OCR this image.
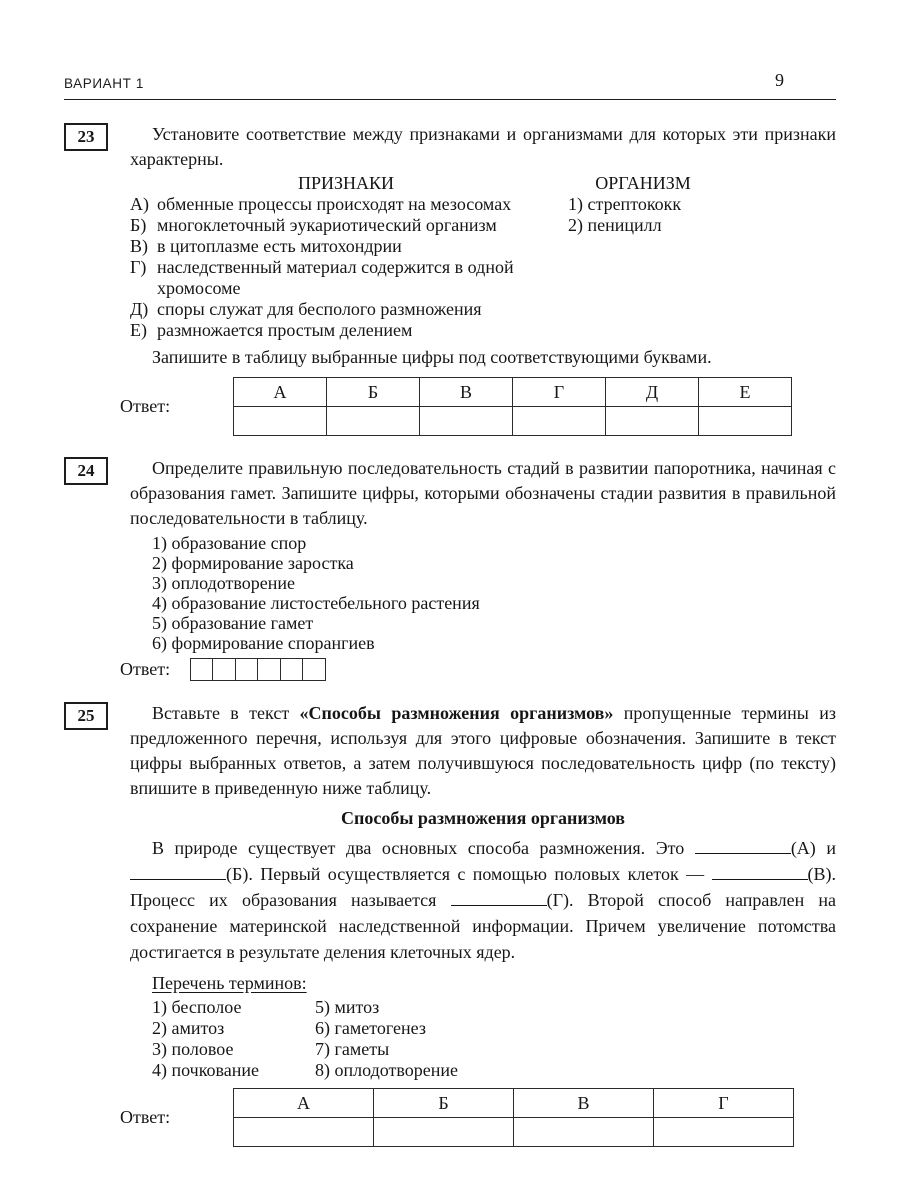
ВАРИАНТ 1	9
23	Установите соответствие между признаками и организмами для которых эти признаки характерны.

ПРИЗНАКИ	ОРГАНИЗМ
А) обменные процессы происходят на мезосомах
Б) многоклеточный эукариотический организм
В) в цитоплазме есть митохондрии
Г) наследственный материал содержится в одной хромосоме
Д) споры служат для бесполого размножения
Е) размножается простым делением
1) стрептококк
2) пеницилл

Запишите в таблицу выбранные цифры под соответствующими буквами.

Ответ:
А	Б	В	Г	Д	Е

24	Определите правильную последовательность стадий в развитии папоротника, начиная с образования гамет. Запишите цифры, которыми обозначены стадии развития в правильной последовательности в таблицу.

1) образование спор
2) формирование заростка
3) оплодотворение
4) образование листостебельного растения
5) образование гамет
6) формирование спорангиев
Ответ:
25	Вставьте в текст «Способы размножения организмов» пропущенные термины из предложенного перечня, используя для этого цифровые обозначения. Запишите в текст цифры выбранных ответов, а затем получившуюся последовательность цифр (по тексту) впишите в приведенную ниже таблицу.

Способы размножения организмов

В природе существует два основных способа размножения. Это	(А) и (Б). Первый осуществляется с помощью половых клеток —	(В). Процесс их образования называется	(Г). Второй способ направлен на сохранение материнской наследственной информации. Причем увеличение потомства достигается в результате деления клеточных ядер.

Перечень терминов:

1) бесполое	5) митоз
2) амитоз	6) гаметогенез
3) половое	7) гаметы
4) почкование	8) оплодотворение
Ответ:
А	Б	В	Г
